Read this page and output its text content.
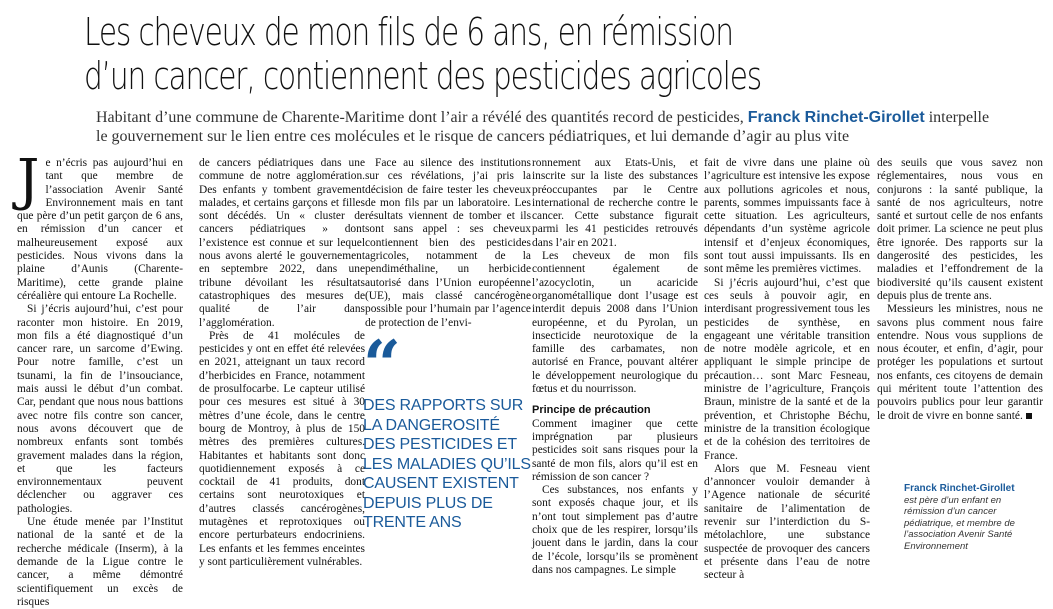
Les cheveux de mon fils de 6 ans, en rémission
d’un cancer, contiennent des pesticides agricoles
Habitant d’une commune de Charente-Maritime dont l’air a révélé des quantités record de pesticides, Franck Rinchet-Girollet interpelle le gouvernement sur le lien entre ces molécules et le risque de cancers pédiatriques, et lui demande d’agir au plus vite

Je n’écris pas aujourd’hui en tant que membre de l’association Avenir Santé Environnement mais en tant que père d’un petit garçon de 6 ans, en rémission d’un cancer et malheureusement exposé aux pesticides. Nous vivons dans la plaine d’Aunis (Charente-Maritime), cette grande plaine céréalière qui entoure La Rochelle.

Si j’écris aujourd’hui, c’est pour raconter mon histoire. En 2019, mon fils a été diagnostiqué d’un cancer rare, un sarcome d’Ewing. Pour notre famille, c’est un tsunami, la fin de l’insouciance, mais aussi le début d’un combat. Car, pendant que nous nous battions avec notre fils contre son cancer, nous avons découvert que de nombreux enfants sont tombés gravement malades dans la région, et que les facteurs environnementaux peuvent déclencher ou aggraver ces pathologies.

Une étude menée par l’Institut national de la santé et de la recherche médicale (Inserm), à la demande de la Ligue contre le cancer, a même démontré scientifiquement un excès de risques

de cancers pédiatriques dans une commune de notre agglomération. Des enfants y tombent gravement malades, et certains garçons et filles sont décédés. Un « cluster de cancers pédiatriques » dont l’existence est connue et sur lequel nous avons alerté le gouvernement en septembre 2022, dans une tribune dévoilant les résultats catastrophiques des mesures de qualité de l’air dans l’agglomération.

Près de 41 molécules de pesticides y ont en effet été relevées en 2021, atteignant un taux record d’herbicides en France, notamment de prosulfocarbe. Le capteur utilisé pour ces mesures est situé à 30 mètres d’une école, dans le centre bourg de Montroy, à plus de 150 mètres des premières cultures. Habitantes et habitants sont donc quotidiennement exposés à ce cocktail de 41 produits, dont certains sont neurotoxiques et d’autres classés cancérogènes, mutagènes et reprotoxiques ou encore perturbateurs endocriniens. Les enfants et les femmes enceintes y sont particulièrement vulnérables.

Face au silence des institutions sur ces révélations, j’ai pris la décision de faire tester les cheveux de mon fils par un laboratoire. Les résultats viennent de tomber et ils sont sans appel : ses cheveux contiennent bien des pesticides agricoles, notamment de la pendiméthaline, un herbicide autorisé dans l’Union européenne (UE), mais classé cancérogène possible pour l’humain par l’agence de protection de l’envi-

“
DES RAPPORTS SUR LA DANGEROSITÉ DES PESTICIDES ET LES MALADIES QU’ILS CAUSENT EXISTENT DEPUIS PLUS DE TRENTE ANS

ronnement aux Etats-Unis, et inscrite sur la liste des substances préoccupantes par le Centre international de recherche contre le cancer. Cette substance figurait parmi les 41 pesticides retrouvés dans l’air en 2021.

Les cheveux de mon fils contiennent également de l’azocyclotin, un acaricide organométallique dont l’usage est interdit depuis 2008 dans l’Union européenne, et du Pyrolan, un insecticide neurotoxique de la famille des carbamates, non autorisé en France, pouvant altérer le développement neurologique du fœtus et du nourrisson.

Principe de précaution

Comment imaginer que cette imprégnation par plusieurs pesticides soit sans risques pour la santé de mon fils, alors qu’il est en rémission de son cancer ?

Ces substances, nos enfants y sont exposés chaque jour, et ils n’ont tout simplement pas d’autre choix que de les respirer, lorsqu’ils jouent dans le jardin, dans la cour de l’école, lorsqu’ils se promènent dans nos campagnes. Le simple

fait de vivre dans une plaine où l’agriculture est intensive les expose aux pollutions agricoles et nous, parents, sommes impuissants face à cette situation. Les agriculteurs, dépendants d’un système agricole intensif et d’enjeux économiques, sont tout aussi impuissants. Ils en sont même les premières victimes.

Si j’écris aujourd’hui, c’est que ces seuls à pouvoir agir, en interdisant progressivement tous les pesticides de synthèse, en engageant une véritable transition de notre modèle agricole, et en appliquant le simple principe de précaution… sont Marc Fesneau, ministre de l’agriculture, François Braun, ministre de la santé et de la prévention, et Christophe Béchu, ministre de la transition écologique et de la cohésion des territoires de France.

Alors que M. Fesneau vient d’annoncer vouloir demander à l’Agence nationale de sécurité sanitaire de l’alimentation de revenir sur l’interdiction du S-métolachlore, une substance suspectée de provoquer des cancers et présente dans l’eau de notre secteur à

des seuils que vous savez non réglementaires, nous vous en conjurons : la santé publique, la santé de nos agriculteurs, notre santé et surtout celle de nos enfants doit primer. La science ne peut plus être ignorée. Des rapports sur la dangerosité des pesticides, les maladies et l’effondrement de la biodiversité qu’ils causent existent depuis plus de trente ans.

Messieurs les ministres, nous ne savons plus comment nous faire entendre. Nous vous supplions de nous écouter, et enfin, d’agir, pour protéger les populations et surtout nos enfants, ces citoyens de demain qui méritent toute l’attention des pouvoirs publics pour leur garantir le droit de vivre en bonne santé.

Franck Rinchet-Girollet
est père d’un enfant en rémission d’un cancer pédiatrique, et membre de l’association Avenir Santé Environnement
